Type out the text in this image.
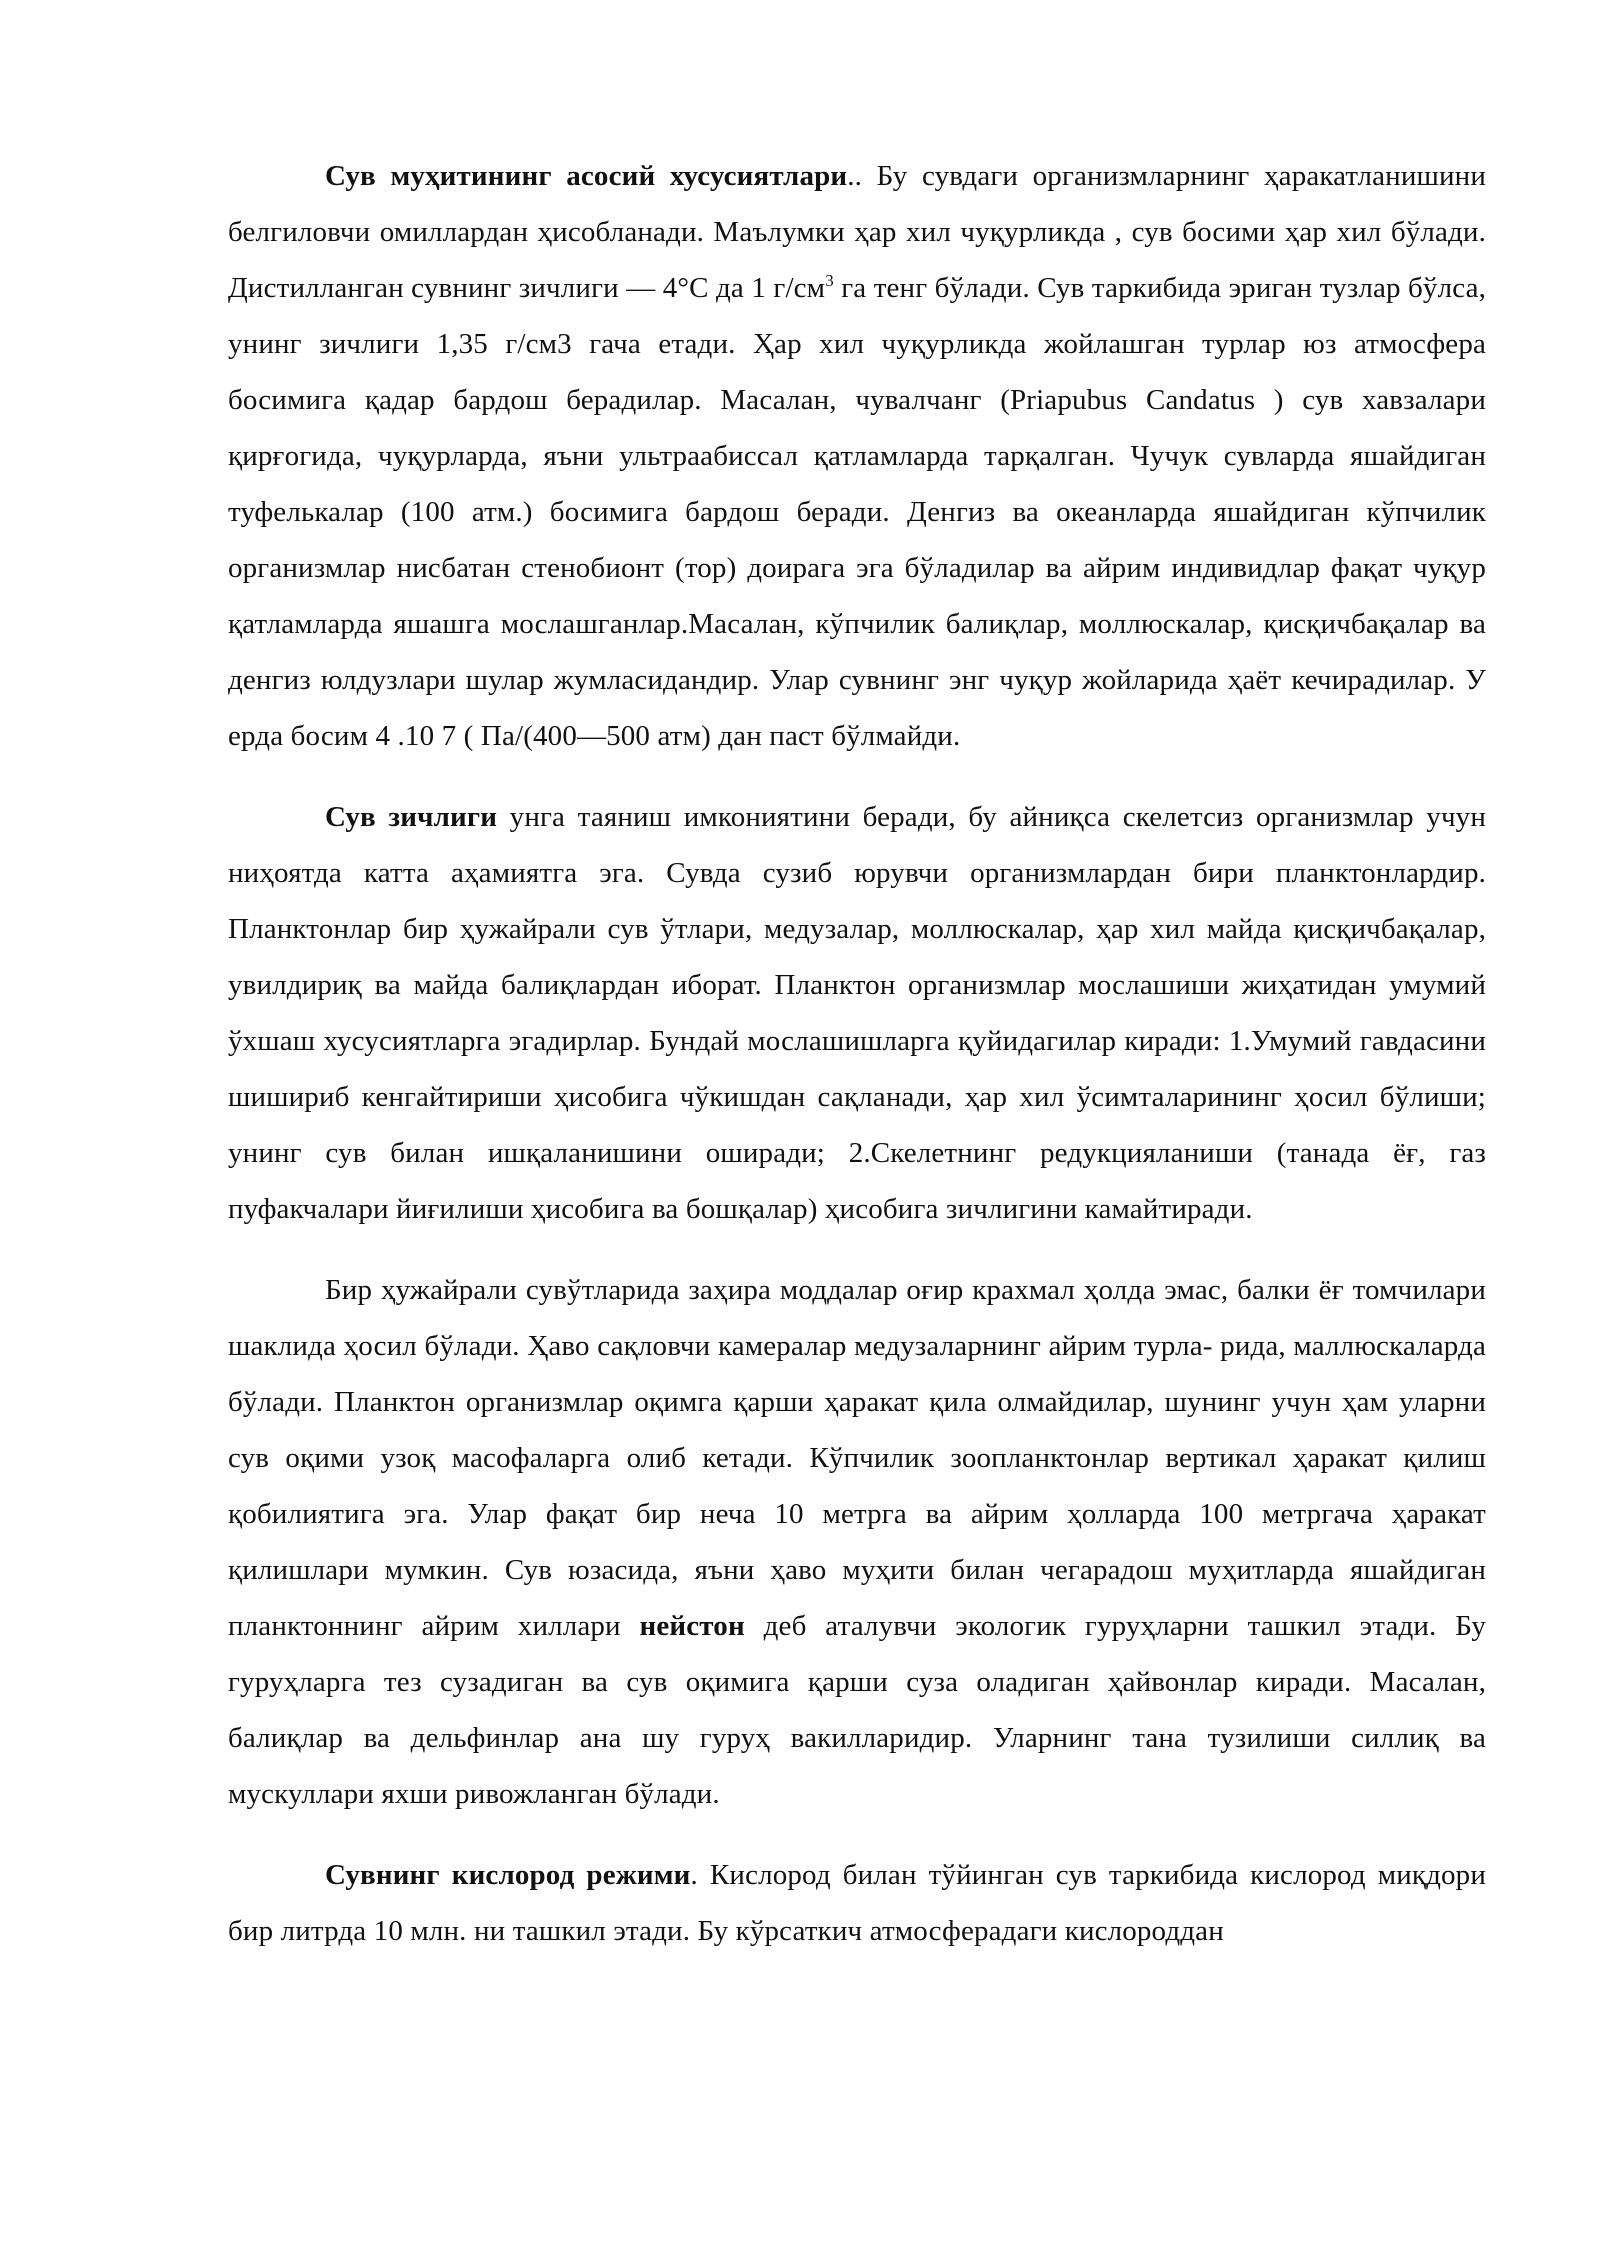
Сув муҳитининг асосий хусусиятлари.. Бу сувдаги организмларнинг ҳаракатланишини белгиловчи омиллардан ҳисобланади. Маълумки ҳар хил чуқурликда , сув босими ҳар хил бўлади. Дистилланган сувнинг зичлиги — 4°С да 1 $г/см^3$ га тенг бўлади. Сув таркибида эриган тузлар бўлса, унинг зичлиги 1,35 г/см3 гача етади. Ҳар хил чуқурликда жойлашган турлар юз атмосфера босимига қадар бардош берадилар. Масалан, чувалчанг (Priapubus Candatus ) сув хавзалари қирғогида, чуқурларда, яъни ультраабиссал қатламларда тарқалган. Чучук сувларда яшайдиган туфелькалар (100 атм.) босимига бардош беради. Денгиз ва океанларда яшайдиган кўпчилик организмлар нисбатан стенобионт (тор) доирага эга бўладилар ва айрим индивидлар фақат чуқур қатламларда яшашга мослашганлар.Масалан, кўпчилик балиқлар, моллюскалар, қисқичбақалар ва денгиз юлдузлари шулар жумласидандир. Улар сувнинг энг чуқур жойларида ҳаёт кечирадилар. У ерда босим 4 .10 7 ( Па/(400—500 атм) дан паст бўлмайди.

Сув зичлиги унга таяниш имкониятини беради, бу айниқса скелетсиз организмлар учун ниҳоятда катта аҳамиятга эга. Сувда сузиб юрувчи организмлардан бири планктонлардир. Планктонлар бир ҳужайрали сув ўтлари, медузалар, моллюскалар, ҳар хил майда қисқичбақалар, увилдириқ ва майда балиқлардан иборат. Планктон организмлар мослашиши жиҳатидан умумий ўхшаш хусусиятларга эгадирлар. Бундай мослашишларга қуйидагилар киради: 1.Умумий гавдасини шишириб кенгайтириши ҳисобига чўкишдан сақланади, ҳар хил ўсимталарининг ҳосил бўлиши; унинг сув билан ишқаланишини оширади; 2.Скелетнинг редукцияланиши (танада ёғ, газ пуфакчалари йиғилиши ҳисобига ва бошқалар) ҳисобига зичлигини камайтиради.

Бир ҳужайрали сувўтларида заҳира моддалар оғир крахмал ҳолда эмас, балки ёғ томчилари шаклида ҳосил бўлади. Ҳаво сақловчи камералар медузаларнинг айрим турла- рида, маллюскаларда бўлади. Планктон организмлар оқимга қарши ҳаракат қила олмайдилар, шунинг учун ҳам уларни сув оқими узоқ масофаларга олиб кетади. Кўпчилик зоопланктонлар вертикал ҳаракат қилиш қобилиятига эга. Улар фақат бир неча 10 метрга ва айрим ҳолларда 100 метргача ҳаракат қилишлари мумкин. Сув юзасида, яъни ҳаво муҳити билан чегарадош муҳитларда яшайдиган планктоннинг айрим хиллари нейстон деб аталувчи экологик гуруҳларни ташкил этади. Бу гуруҳларга тез сузадиган ва сув оқимига қарши суза оладиган ҳайвонлар киради. Масалан, балиқлар ва дельфинлар ана шу гуруҳ вакилларидир. Уларнинг тана тузилиши силлиқ ва мускуллари яхши ривожланган бўлади.

Сувнинг кислород режими. Кислород билан тўйинган сув таркибида кислород миқдори бир литрда 10 млн. ни ташкил этади. Бу кўрсаткич атмосферадаги кислороддан
